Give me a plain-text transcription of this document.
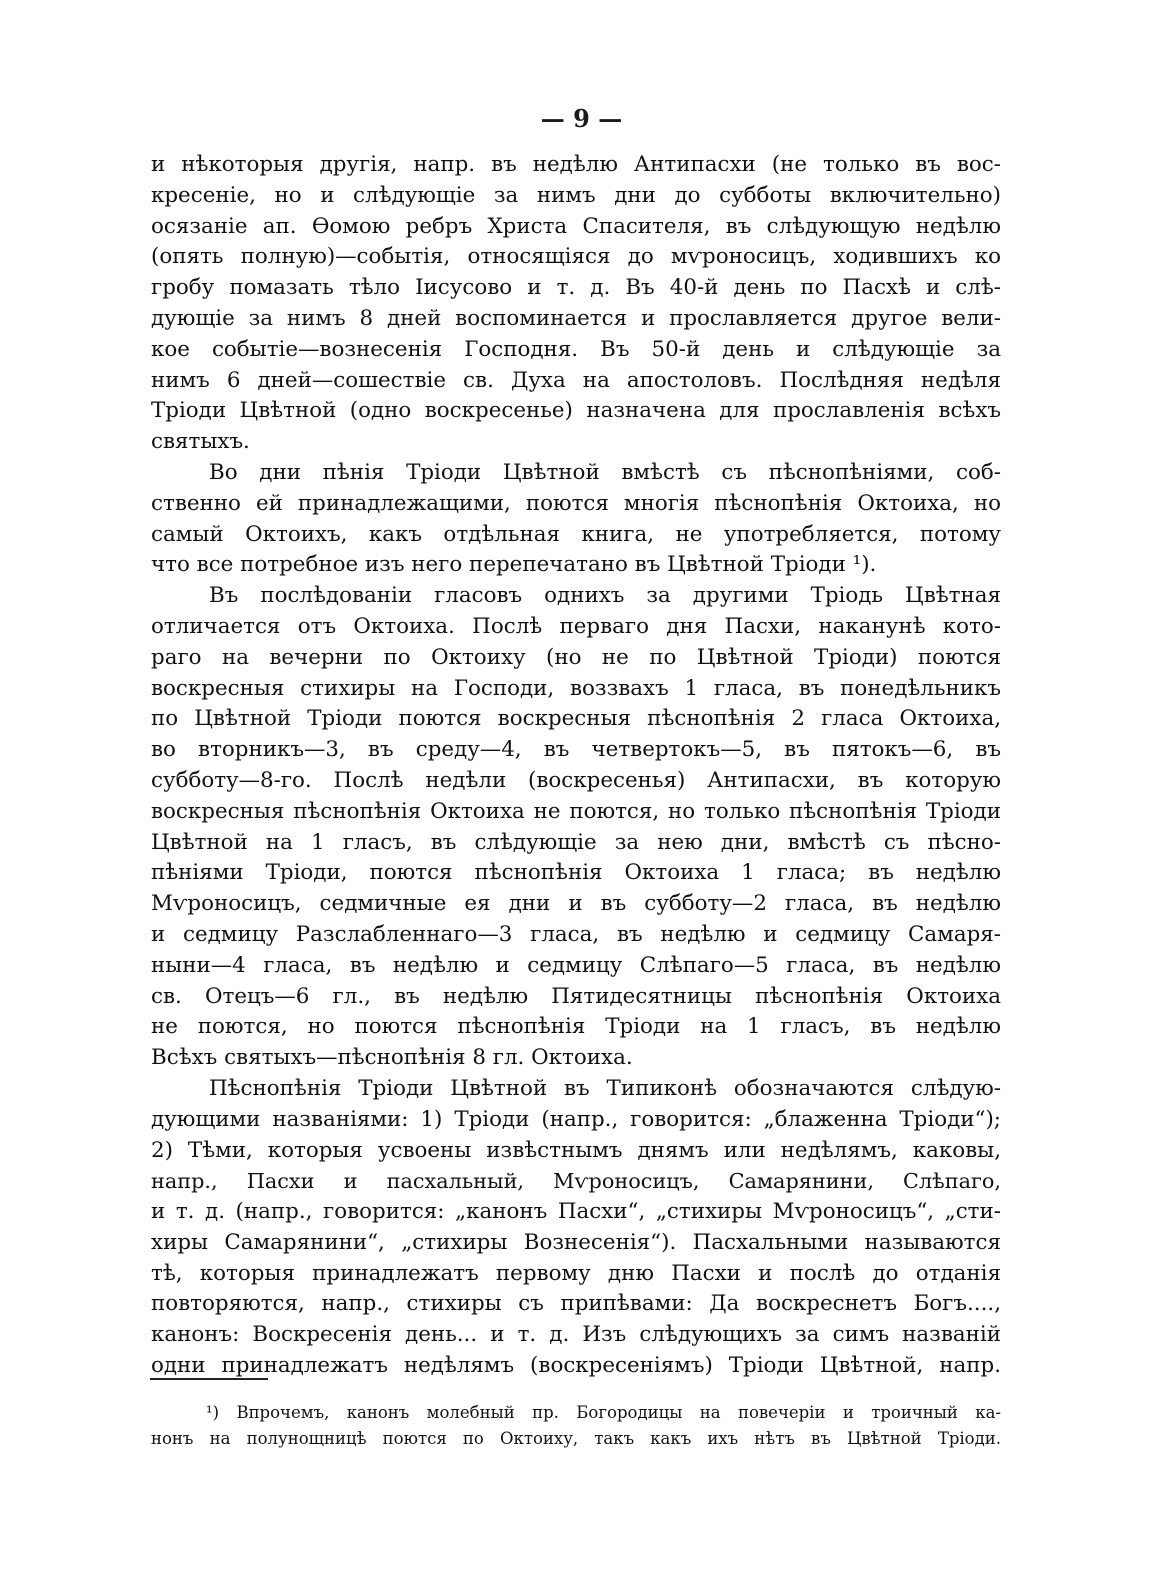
— 9 —
и нѣкоторыя другія, напр. въ недѣлю Антипасхи (не только въ вос-
кресеніе, но и слѣдующіе за нимъ дни до субботы включительно)
осязаніе ап. Ѳомою ребръ Христа Спасителя, въ слѣдующую недѣлю
(опять полную)—событія, относящіяся до мѵроносицъ, ходившихъ ко
гробу помазать тѣло Іисусово и т. д. Въ 40-й день по Пасхѣ и слѣ-
дующіе за нимъ 8 дней воспоминается и прославляется другое вели-
кое событіе—вознесенія Господня. Въ 50-й день и слѣдующіе за
нимъ 6 дней—сошествіе св. Духа на апостоловъ. Послѣдняя недѣля
Тріоди Цвѣтной (одно воскресенье) назначена для прославленія всѣхъ
святыхъ.
Во дни пѣнія Тріоди Цвѣтной вмѣстѣ съ пѣснопѣніями, соб-
ственно ей принадлежащими, поются многія пѣснопѣнія Октоиха, но
самый Октоихъ, какъ отдѣльная книга, не употребляется, потому
что все потребное изъ него перепечатано въ Цвѣтной Тріоди ¹).
Въ послѣдованіи гласовъ однихъ за другими Тріодь Цвѣтная
отличается отъ Октоиха. Послѣ перваго дня Пасхи, наканунѣ кото-
раго на вечерни по Октоиху (но не по Цвѣтной Тріоди) поются
воскресныя стихиры на Господи, воззвахъ 1 гласа, въ понедѣльникъ
по Цвѣтной Тріоди поются воскресныя пѣснопѣнія 2 гласа Октоиха,
во вторникъ—3, въ среду—4, въ четвертокъ—5, въ пятокъ—6, въ
субботу—8-го. Послѣ недѣли (воскресенья) Антипасхи, въ которую
воскресныя пѣснопѣнія Октоиха не поются, но только пѣснопѣнія Тріоди
Цвѣтной на 1 гласъ, въ слѣдующіе за нею дни, вмѣстѣ съ пѣсно-
пѣніями Тріоди, поются пѣснопѣнія Октоиха 1 гласа; въ недѣлю
Мѵроносицъ, седмичные ея дни и въ субботу—2 гласа, въ недѣлю
и седмицу Разслабленнаго—3 гласа, въ недѣлю и седмицу Самаря-
ныни—4 гласа, въ недѣлю и седмицу Слѣпаго—5 гласа, въ недѣлю
св. Отецъ—6 гл., въ недѣлю Пятидесятницы пѣснопѣнія Октоиха
не поются, но поются пѣснопѣнія Тріоди на 1 гласъ, въ недѣлю
Всѣхъ святыхъ—пѣснопѣнія 8 гл. Октоиха.
Пѣснопѣнія Тріоди Цвѣтной въ Типиконѣ обозначаются слѣдую-
дующими названіями: 1) Тріоди (напр., говорится: „блаженна Тріоди“);
2) Тѣми, которыя усвоены извѣстнымъ днямъ или недѣлямъ, каковы,
напр., Пасхи и пасхальный, Мѵроносицъ, Самарянини, Слѣпаго,
и т. д. (напр., говорится: „канонъ Пасхи“, „стихиры Мѵроносицъ“, „сти-
хиры Самарянини“, „стихиры Вознесенія“). Пасхальными называются
тѣ, которыя принадлежатъ первому дню Пасхи и послѣ до отданія
повторяются, напр., стихиры съ припѣвами: Да воскреснетъ Богъ....,
канонъ: Воскресенія день... и т. д. Изъ слѣдующихъ за симъ названій
одни принадлежатъ недѣлямъ (воскресеніямъ) Тріоди Цвѣтной, напр.
¹) Впрочемъ, канонъ молебный пр. Богородицы на повечеріи и троичный ка-
нонъ на полунощницѣ поются по Октоиху, такъ какъ ихъ нѣтъ въ Цвѣтной Тріоди.
